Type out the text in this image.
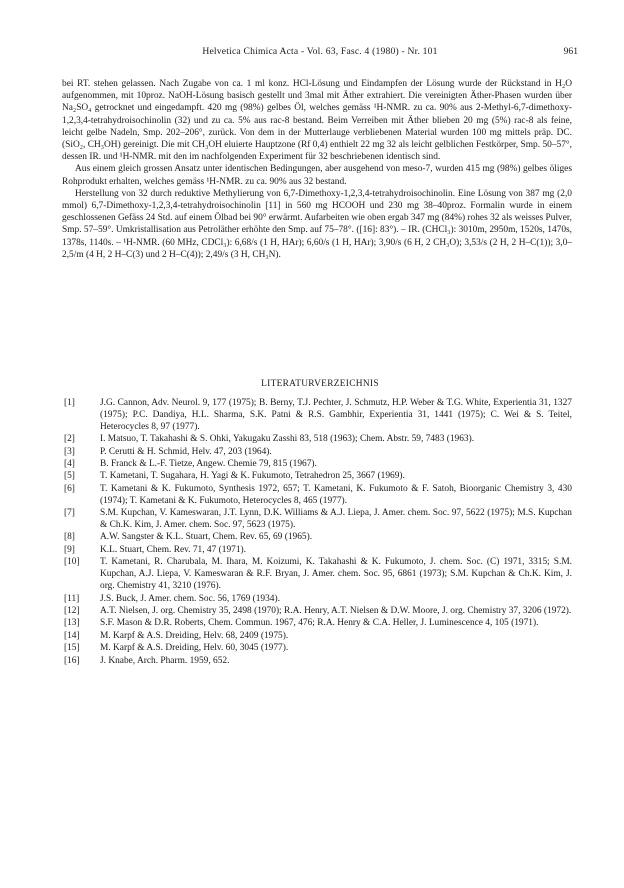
Helvetica Chimica Acta - Vol. 63, Fasc. 4 (1980) - Nr. 101	961

bei RT. stehen gelassen. Nach Zugabe von ca. 1 ml konz. HCl-Lösung und Eindampfen der Lösung wurde der Rückstand in H₂O aufgenommen, mit 10proz. NaOH-Lösung basisch gestellt und 3mal mit Äther extrahiert. Die vereinigten Äther-Phasen wurden über Na₂SO₄ getrocknet und eingedampft. 420 mg (98%) gelbes Öl, welches gemäss ¹H-NMR. zu ca. 90% aus 2-Methyl-6,7-dimethoxy-1,2,3,4-tetrahydroisochinolin (32) und zu ca. 5% aus rac-8 bestand. Beim Verreiben mit Äther blieben 20 mg (5%) rac-8 als feine, leicht gelbe Nadeln, Smp. 202–206°, zurück. Von dem in der Mutterlauge verbliebenen Material wurden 100 mg mittels präp. DC. (SiO₂, CH₃OH) gereinigt. Die mit CH₃OH eluierte Hauptzone (Rf 0,4) enthielt 22 mg 32 als leicht gelblichen Festkörper, Smp. 50–57°, dessen IR. und ¹H-NMR. mit den im nachfolgenden Experiment für 32 beschriebenen identisch sind.

Aus einem gleich grossen Ansatz unter identischen Bedingungen, aber ausgehend von meso-7, wurden 415 mg (98%) gelbes öliges Rohprodukt erhalten, welches gemäss ¹H-NMR. zu ca. 90% aus 32 bestand.

Herstellung von 32 durch reduktive Methylierung von 6,7-Dimethoxy-1,2,3,4-tetrahydroisochinolin. Eine Lösung von 387 mg (2,0 mmol) 6,7-Dimethoxy-1,2,3,4-tetrahydroisochinolin [11] in 560 mg HCOOH und 230 mg 38–40proz. Formalin wurde in einem geschlossenen Gefäss 24 Std. auf einem Ölbad bei 90° erwärmt. Aufarbeiten wie oben ergab 347 mg (84%) rohes 32 als weisses Pulver, Smp. 57–59°. Umkristallisation aus Petroläther erhöhte den Smp. auf 75–78°. ([16]: 83°). – IR. (CHCl₃): 3010m, 2950m, 1520s, 1470s, 1378s, 1140s. – ¹H-NMR. (60 MHz, CDCl₃): 6,68/s (1 H, HAr); 6,60/s (1 H, HAr); 3,90/s (6 H, 2 CH₃O); 3,53/s (2 H, 2 H–C(1)); 3,0–2,5/m (4 H, 2 H–C(3) und 2 H–C(4)); 2,49/s (3 H, CH₃N).

LITERATURVERZEICHNIS
[1]	J.G. Cannon, Adv. Neurol. 9, 177 (1975); B. Berny, T.J. Pechter, J. Schmutz, H.P. Weber & T.G. White, Experientia 31, 1327 (1975); P.C. Dandiya, H.L. Sharma, S.K. Patni & R.S. Gambhir, Experientia 31, 1441 (1975); C. Wei & S. Teitel, Heterocycles 8, 97 (1977).
[2]	I. Matsuo, T. Takahashi & S. Ohki, Yakugaku Zasshi 83, 518 (1963); Chem. Abstr. 59, 7483 (1963).
[3]	P. Cerutti & H. Schmid, Helv. 47, 203 (1964).
[4]	B. Franck & L.-F. Tietze, Angew. Chemie 79, 815 (1967).
[5]	T. Kametani, T. Sugahara, H. Yagi & K. Fukumoto, Tetrahedron 25, 3667 (1969).
[6]	T. Kametani & K. Fukumoto, Synthesis 1972, 657; T. Kametani, K. Fukumoto & F. Satoh, Bioorganic Chemistry 3, 430 (1974); T. Kametani & K. Fukumoto, Heterocycles 8, 465 (1977).
[7]	S.M. Kupchan, V. Kameswaran, J.T. Lynn, D.K. Williams & A.J. Liepa, J. Amer. chem. Soc. 97, 5622 (1975); M.S. Kupchan & Ch.K. Kim, J. Amer. chem. Soc. 97, 5623 (1975).
[8]	A.W. Sangster & K.L. Stuart, Chem. Rev. 65, 69 (1965).
[9]	K.L. Stuart, Chem. Rev. 71, 47 (1971).
[10] T. Kametani, R. Charubala, M. Ihara, M. Koizumi, K. Takahashi & K. Fukumoto, J. chem. Soc. (C) 1971, 3315; S.M. Kupchan, A.J. Liepa, V. Kameswaran & R.F. Bryan, J. Amer. chem. Soc. 95, 6861 (1973); S.M. Kupchan & Ch.K. Kim, J. org. Chemistry 41, 3210 (1976).
[11] J.S. Buck, J. Amer. chem. Soc. 56, 1769 (1934).
[12] A.T. Nielsen, J. org. Chemistry 35, 2498 (1970); R.A. Henry, A.T. Nielsen & D.W. Moore, J. org. Chemistry 37, 3206 (1972).
[13] S.F. Mason & D.R. Roberts, Chem. Commun. 1967, 476; R.A. Henry & C.A. Heller, J. Luminescence 4, 105 (1971).
[14] M. Karpf & A.S. Dreiding, Helv. 68, 2409 (1975).
[15] M. Karpf & A.S. Dreiding, Helv. 60, 3045 (1977).
[16] J. Knabe, Arch. Pharm. 1959, 652.
